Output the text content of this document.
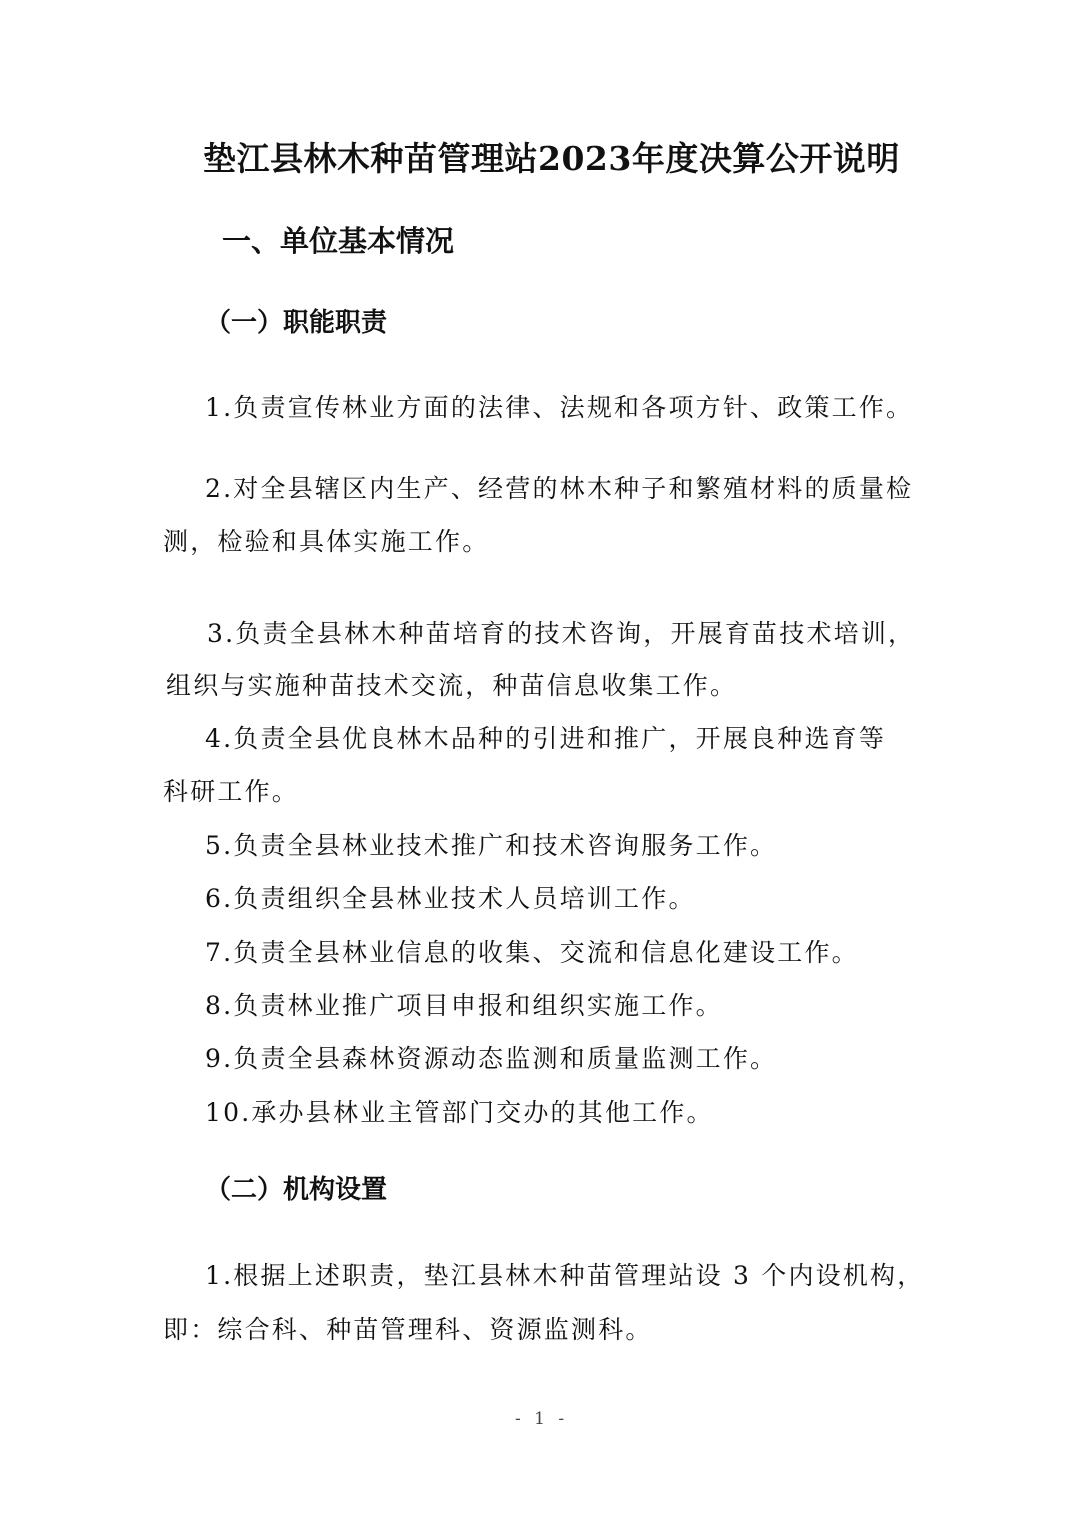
垫江县林木种苗管理站2023年度决算公开说明
一、单位基本情况
（一）职能职责

1.负责宣传林业方面的法律、法规和各项方针、政策工作。

2.对全县辖区内生产、经营的林木种子和繁殖材料的质量检

测，检验和具体实施工作。

3.负责全县林木种苗培育的技术咨询，开展育苗技术培训，

组织与实施种苗技术交流，种苗信息收集工作。

4.负责全县优良林木品种的引进和推广，开展良种选育等

科研工作。

5.负责全县林业技术推广和技术咨询服务工作。

6.负责组织全县林业技术人员培训工作。

7.负责全县林业信息的收集、交流和信息化建设工作。

8.负责林业推广项目申报和组织实施工作。

9.负责全县森林资源动态监测和质量监测工作。

10.承办县林业主管部门交办的其他工作。

（二）机构设置

1.根据上述职责，垫江县林木种苗管理站设 3 个内设机构，

即：综合科、种苗管理科、资源监测科。

- 1 -
